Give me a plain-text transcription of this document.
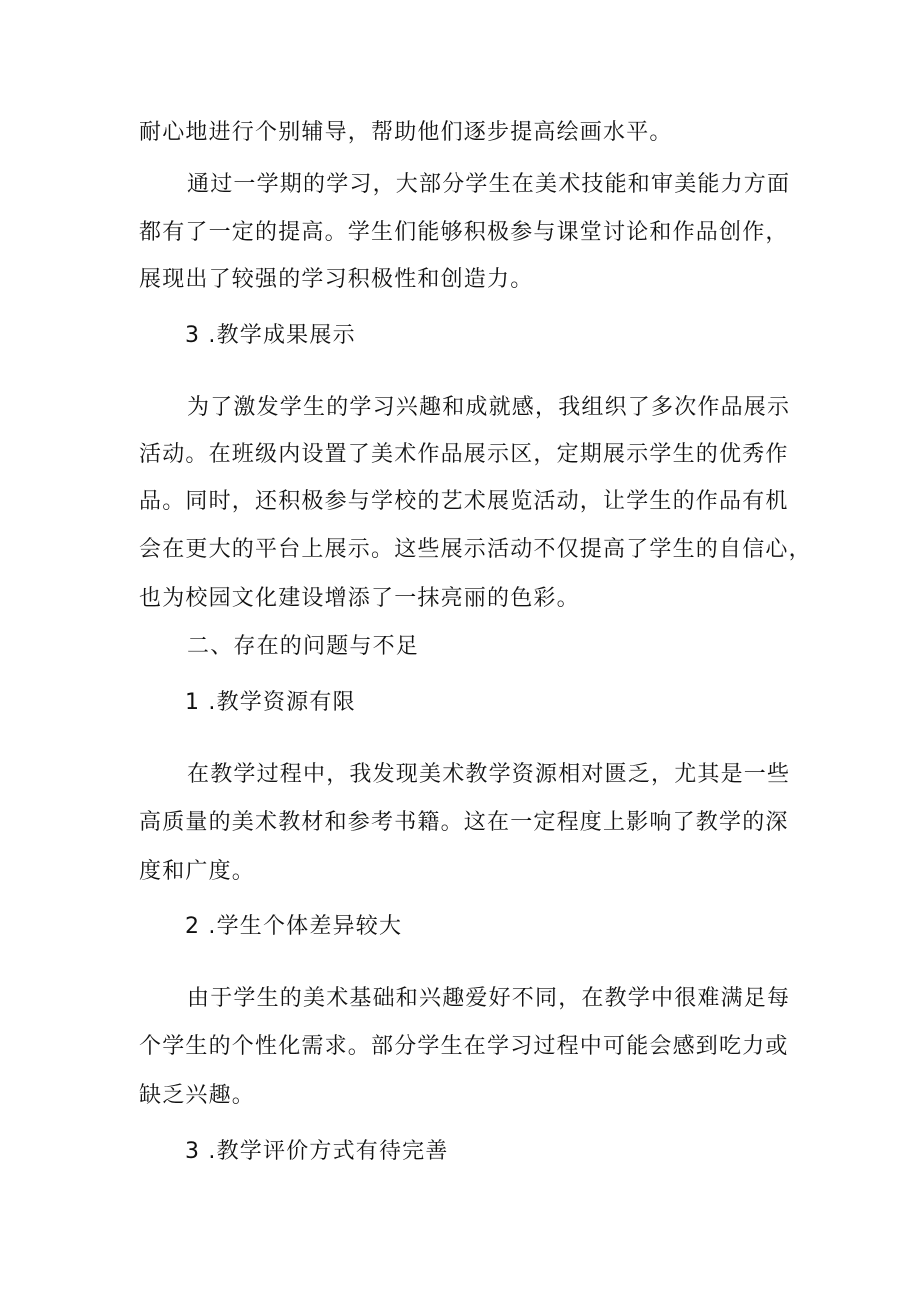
耐心地进行个别辅导，帮助他们逐步提高绘画水平。
通过一学期的学习，大部分学生在美术技能和审美能力方面
都有了一定的提高。学生们能够积极参与课堂讨论和作品创作，
展现出了较强的学习积极性和创造力。
3 .教学成果展示
为了激发学生的学习兴趣和成就感，我组织了多次作品展示
活动。在班级内设置了美术作品展示区，定期展示学生的优秀作
品。同时，还积极参与学校的艺术展览活动，让学生的作品有机
会在更大的平台上展示。这些展示活动不仅提高了学生的自信心，
也为校园文化建设增添了一抹亮丽的色彩。
二、存在的问题与不足
1 .教学资源有限
在教学过程中，我发现美术教学资源相对匮乏，尤其是一些
高质量的美术教材和参考书籍。这在一定程度上影响了教学的深
度和广度。
2 .学生个体差异较大
由于学生的美术基础和兴趣爱好不同，在教学中很难满足每
个学生的个性化需求。部分学生在学习过程中可能会感到吃力或
缺乏兴趣。
3 .教学评价方式有待完善
